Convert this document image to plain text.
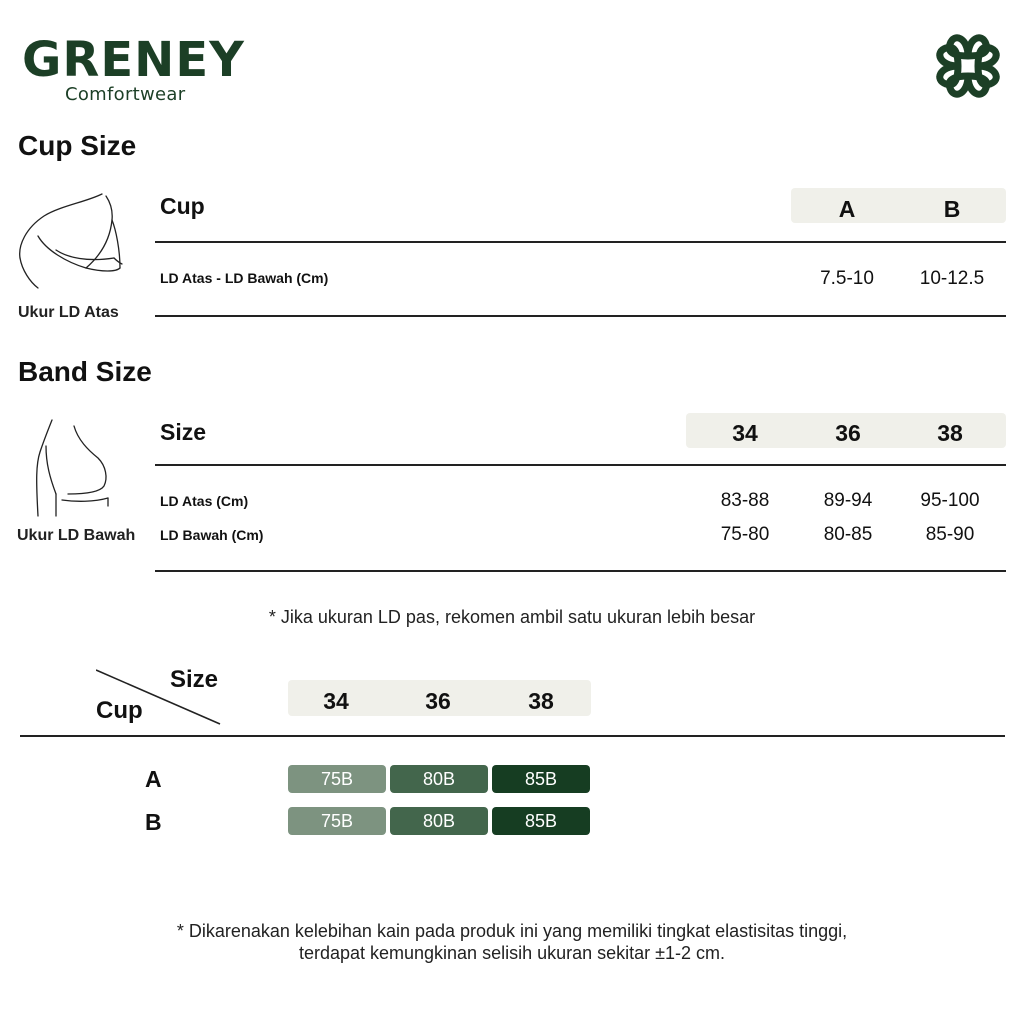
GRENEY
Comfortwear
Cup Size
Ukur LD Atas
Cup	A	B
LD Atas - LD Bawah (Cm)	7.5-10	10-12.5
Band Size
Ukur LD Bawah
Size	34	36	38
LD Atas (Cm)	83-88	89-94	95-100
LD Bawah (Cm)	75-80	80-85	85-90
* Jika ukuran LD pas, rekomen ambil satu ukuran lebih besar
Size
Cup	34	36	38
A	75B	80B	85B
B	75B	80B	85B
* Dikarenakan kelebihan kain pada produk ini yang memiliki tingkat elastisitas tinggi,
terdapat kemungkinan selisih ukuran sekitar ±1-2 cm.
